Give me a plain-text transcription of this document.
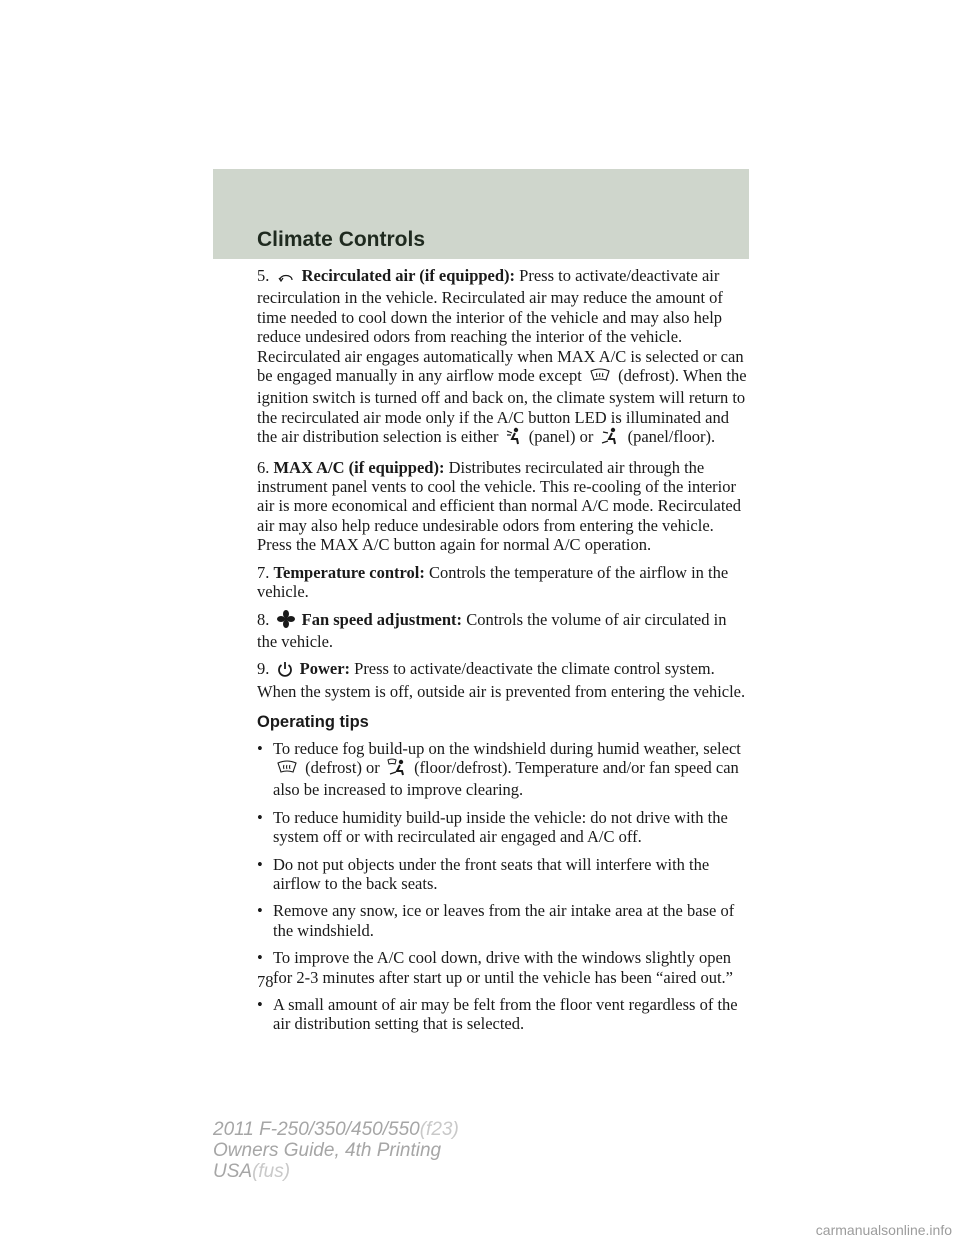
Climate Controls

5. Recirculated air (if equipped): Press to activate/deactivate air recirculation in the vehicle. Recirculated air may reduce the amount of time needed to cool down the interior of the vehicle and may also help reduce undesired odors from reaching the interior of the vehicle. Recirculated air engages automatically when MAX A/C is selected or can be engaged manually in any airflow mode except (defrost). When the ignition switch is turned off and back on, the climate system will return to the recirculated air mode only if the A/C button LED is illuminated and the air distribution selection is either (panel) or (panel/floor).

6. MAX A/C (if equipped): Distributes recirculated air through the instrument panel vents to cool the vehicle. This re-cooling of the interior air is more economical and efficient than normal A/C mode. Recirculated air may also help reduce undesirable odors from entering the vehicle. Press the MAX A/C button again for normal A/C operation.

7. Temperature control: Controls the temperature of the airflow in the vehicle.

8. Fan speed adjustment: Controls the volume of air circulated in the vehicle.

9. Power: Press to activate/deactivate the climate control system. When the system is off, outside air is prevented from entering the vehicle.

Operating tips
• To reduce fog build-up on the windshield during humid weather, select  (defrost) or (floor/defrost). Temperature and/or fan speed can also be increased to improve clearing.
• To reduce humidity build-up inside the vehicle: do not drive with the system off or with recirculated air engaged and A/C off.
• Do not put objects under the front seats that will interfere with the airflow to the back seats.
• Remove any snow, ice or leaves from the air intake area at the base of the windshield.
• To improve the A/C cool down, drive with the windows slightly open for 2-3 minutes after start up or until the vehicle has been “aired out.”
• A small amount of air may be felt from the floor vent regardless of the air distribution setting that is selected.
78
2011 F-250/350/450/550(f23)
Owners Guide, 4th Printing
USA(fus)
carmanualsonline.info
